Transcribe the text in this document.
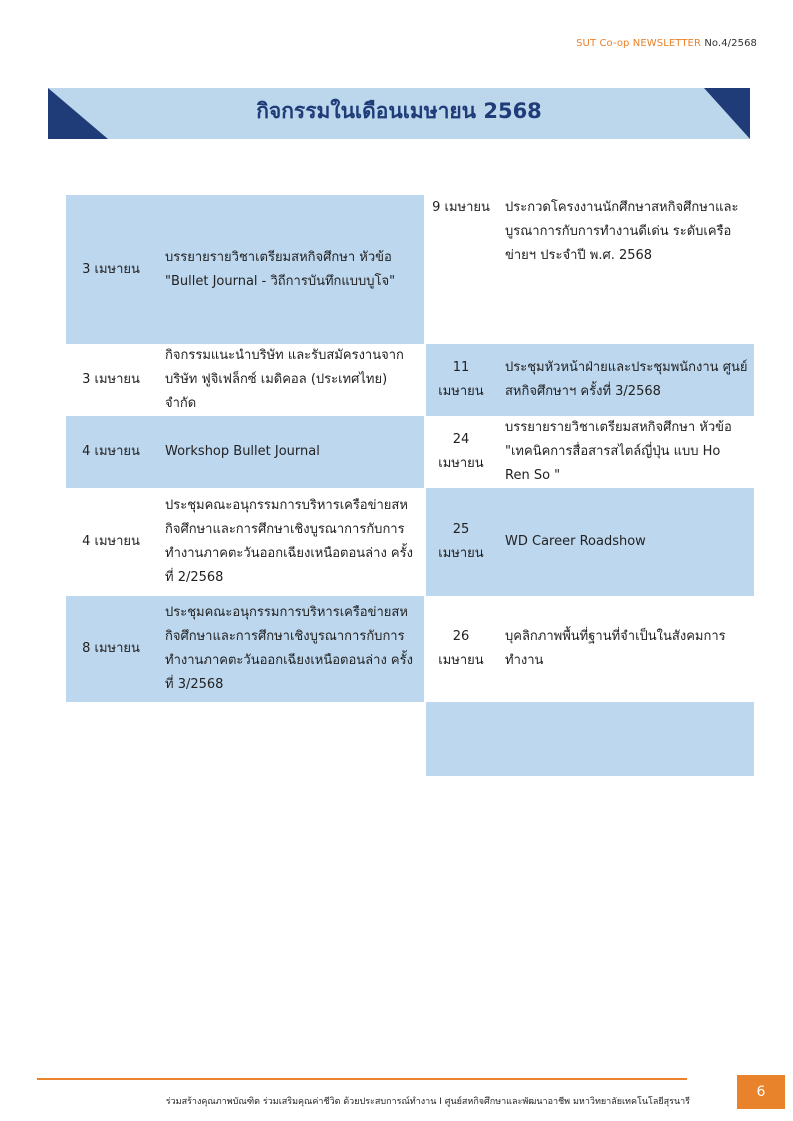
SUT Co-op NEWSLETTER No.4/2568
กิจกรรมในเดือนเมษายน 2568
3 เมษายน
บรรยายรายวิชาเตรียมสหกิจศึกษา หัวข้อ "Bullet Journal - วิถีการบันทึกแบบบูโจ"
3 เมษายน
กิจกรรมแนะนำบริษัท และรับสมัครงานจาก บริษัท ฟูจิเฟล็กซ์ เมดิคอล (ประเทศไทย) จำกัด
4 เมษายน	Workshop Bullet Journal
4 เมษายน
ประชุมคณะอนุกรรมการบริหารเครือข่ายสหกิจศึกษาและการศึกษาเชิงบูรณาการกับการทำงานภาคตะวันออกเฉียงเหนือตอนล่าง ครั้งที่ 2/2568
8 เมษายน
ประชุมคณะอนุกรรมการบริหารเครือข่ายสหกิจศึกษาและการศึกษาเชิงบูรณาการกับการทำงานภาคตะวันออกเฉียงเหนือตอนล่าง ครั้งที่ 3/2568
9 เมษายน	ประกวดโครงงานนักศึกษาสหกิจศึกษาและบูรณาการกับการทำงานดีเด่น ระดับเครือข่ายฯ ประจำปี พ.ศ. 2568
11 เมษายน
ประชุมหัวหน้าฝ่ายและประชุมพนักงาน ศูนย์สหกิจศึกษาฯ ครั้งที่ 3/2568
24 เมษายน
บรรยายรายวิชาเตรียมสหกิจศึกษา หัวข้อ "เทคนิคการสื่อสารสไตล์ญี่ปุ่น แบบ Ho Ren So "
25 เมษายน
WD Career Roadshow
26 เมษายน
บุคลิกภาพพื้นที่ฐานที่จำเป็นในสังคมการทำงาน
ร่วมสร้างคุณภาพบัณฑิต ร่วมเสริมคุณค่าชีวิต ด้วยประสบการณ์ทำงาน I ศูนย์สหกิจศึกษาและพัฒนาอาชีพ มหาวิทยาลัยเทคโนโลยีสุรนารี
6
